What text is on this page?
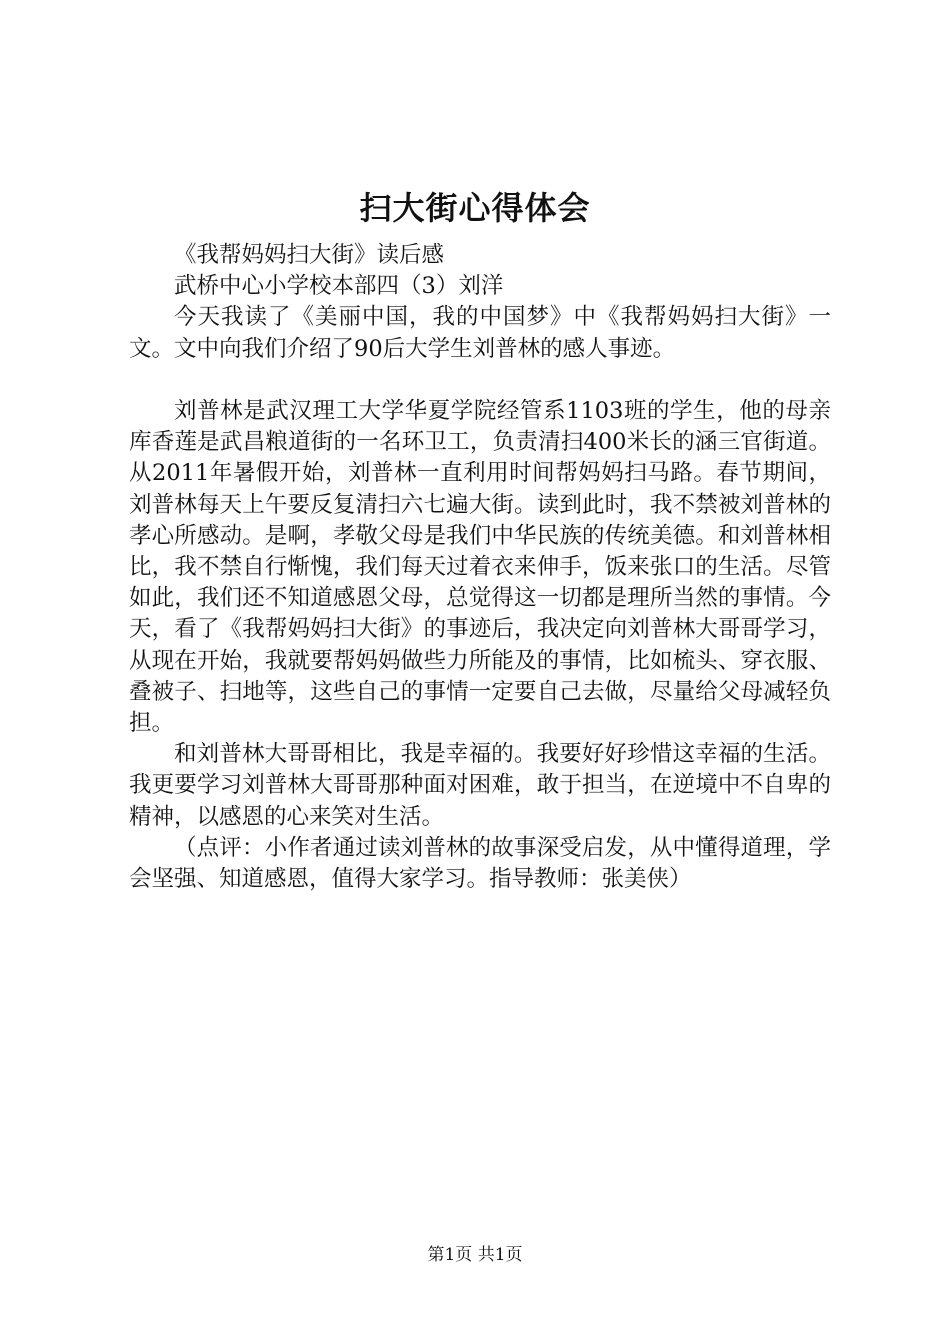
扫大街心得体会

《我帮妈妈扫大街》读后感

武桥中心小学校本部四（3）刘洋

今天我读了《美丽中国，我的中国梦》中《我帮妈妈扫大街》一文。文中向我们介绍了90后大学生刘普林的感人事迹。

刘普林是武汉理工大学华夏学院经管系1103班的学生，他的母亲库香莲是武昌粮道街的一名环卫工，负责清扫400米长的涵三官街道。从2011年暑假开始，刘普林一直利用时间帮妈妈扫马路。春节期间，刘普林每天上午要反复清扫六七遍大街。读到此时，我不禁被刘普林的孝心所感动。是啊，孝敬父母是我们中华民族的传统美德。和刘普林相比，我不禁自行惭愧，我们每天过着衣来伸手，饭来张口的生活。尽管如此，我们还不知道感恩父母，总觉得这一切都是理所当然的事情。今天，看了《我帮妈妈扫大街》的事迹后，我决定向刘普林大哥哥学习，从现在开始，我就要帮妈妈做些力所能及的事情，比如梳头、穿衣服、叠被子、扫地等，这些自己的事情一定要自己去做，尽量给父母减轻负担。

和刘普林大哥哥相比，我是幸福的。我要好好珍惜这幸福的生活。我更要学习刘普林大哥哥那种面对困难，敢于担当，在逆境中不自卑的精神，以感恩的心来笑对生活。

（点评：小作者通过读刘普林的故事深受启发，从中懂得道理，学会坚强、知道感恩，值得大家学习。指导教师：张美侠）

第1页 共1页
